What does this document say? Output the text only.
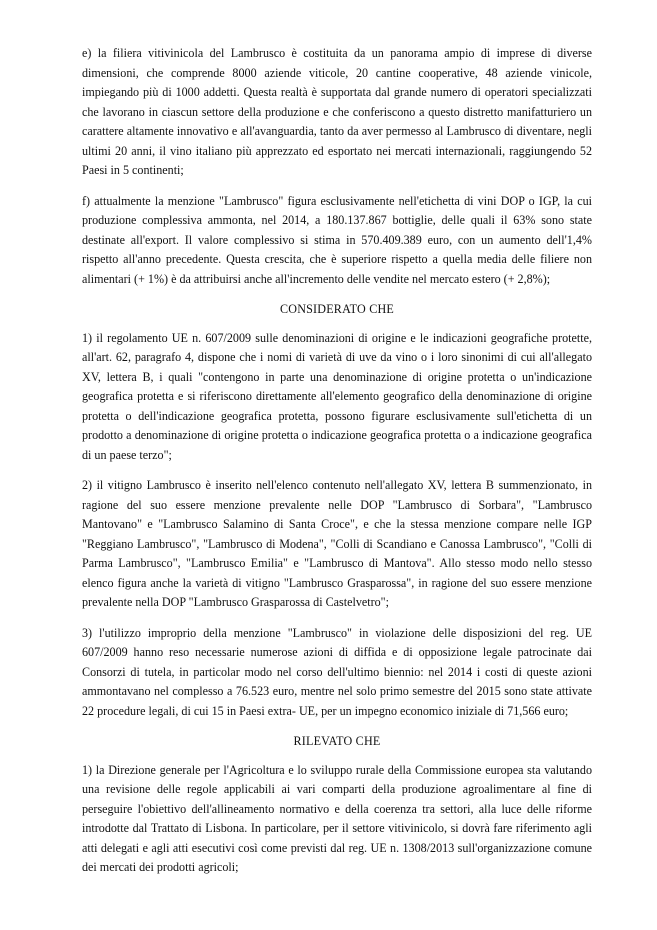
e) la filiera vitivinicola del Lambrusco è costituita da un panorama ampio di imprese di diverse dimensioni, che comprende 8000 aziende viticole, 20 cantine cooperative, 48 aziende vinicole, impiegando più di 1000 addetti. Questa realtà è supportata dal grande numero di operatori specializzati che lavorano in ciascun settore della produzione e che conferiscono a questo distretto manifatturiero un carattere altamente innovativo e all'avanguardia, tanto da aver permesso al Lambrusco di diventare, negli ultimi 20 anni, il vino italiano più apprezzato ed esportato nei mercati internazionali, raggiungendo 52 Paesi in 5 continenti;

f) attualmente la menzione "Lambrusco" figura esclusivamente nell'etichetta di vini DOP o IGP, la cui produzione complessiva ammonta, nel 2014, a 180.137.867 bottiglie, delle quali il 63% sono state destinate all'export. Il valore complessivo si stima in 570.409.389 euro, con un aumento dell'1,4% rispetto all'anno precedente. Questa crescita, che è superiore rispetto a quella media delle filiere non alimentari (+ 1%) è da attribuirsi anche all'incremento delle vendite nel mercato estero (+ 2,8%);

CONSIDERATO CHE

1) il regolamento UE n. 607/2009 sulle denominazioni di origine e le indicazioni geografiche protette, all'art. 62, paragrafo 4, dispone che i nomi di varietà di uve da vino o i loro sinonimi di cui all'allegato XV, lettera B, i quali "contengono in parte una denominazione di origine protetta o un'indicazione geografica protetta e si riferiscono direttamente all'elemento geografico della denominazione di origine protetta o dell'indicazione geografica protetta, possono figurare esclusivamente sull'etichetta di un prodotto a denominazione di origine protetta o indicazione geografica protetta o a indicazione geografica di un paese terzo";

2) il vitigno Lambrusco è inserito nell'elenco contenuto nell'allegato XV, lettera B summenzionato, in ragione del suo essere menzione prevalente nelle DOP "Lambrusco di Sorbara", "Lambrusco Mantovano" e "Lambrusco Salamino di Santa Croce", e che la stessa menzione compare nelle IGP "Reggiano Lambrusco", "Lambrusco di Modena", "Colli di Scandiano e Canossa Lambrusco", "Colli di Parma Lambrusco", "Lambrusco Emilia" e "Lambrusco di Mantova". Allo stesso modo nello stesso elenco figura anche la varietà di vitigno "Lambrusco Grasparossa", in ragione del suo essere menzione prevalente nella DOP "Lambrusco Grasparossa di Castelvetro";

3) l'utilizzo improprio della menzione "Lambrusco" in violazione delle disposizioni del reg. UE 607/2009 hanno reso necessarie numerose azioni di diffida e di opposizione legale patrocinate dai Consorzi di tutela, in particolar modo nel corso dell'ultimo biennio: nel 2014 i costi di queste azioni ammontavano nel complesso a 76.523 euro, mentre nel solo primo semestre del 2015 sono state attivate 22 procedure legali, di cui 15 in Paesi extra- UE, per un impegno economico iniziale di 71,566 euro;

RILEVATO CHE

1) la Direzione generale per l'Agricoltura e lo sviluppo rurale della Commissione europea sta valutando una revisione delle regole applicabili ai vari comparti della produzione agroalimentare al fine di perseguire l'obiettivo dell'allineamento normativo e della coerenza tra settori, alla luce delle riforme introdotte dal Trattato di Lisbona. In particolare, per il settore vitivinicolo, si dovrà fare riferimento agli atti delegati e agli atti esecutivi così come previsti dal reg. UE n. 1308/2013 sull'organizzazione comune dei mercati dei prodotti agricoli;
